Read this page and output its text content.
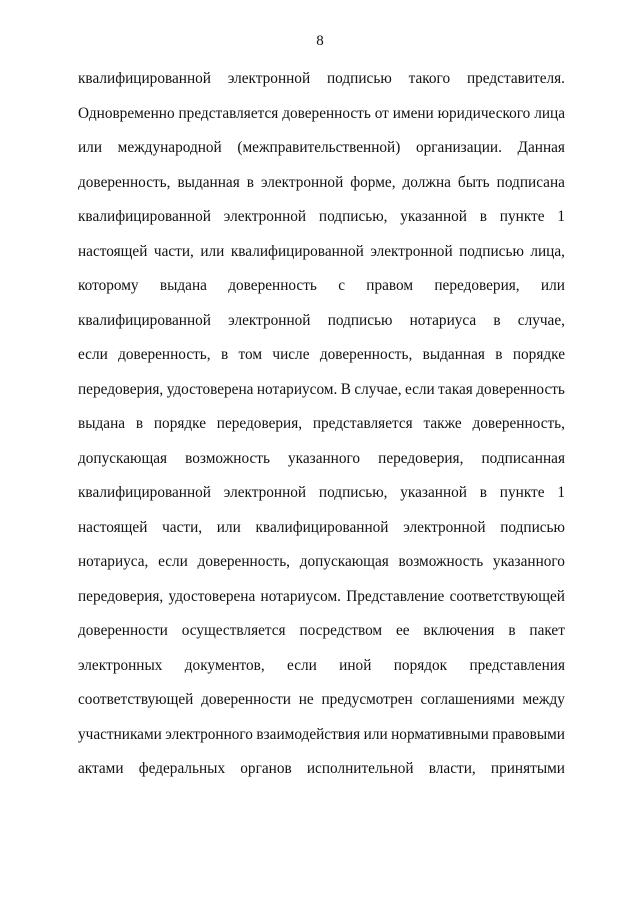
8
квалифицированной электронной подписью такого представителя.
Одновременно представляется доверенность от имени юридического лица
или международной (межправительственной) организации. Данная
доверенность, выданная в электронной форме, должна быть подписана
квалифицированной электронной подписью, указанной в пункте 1
настоящей части, или квалифицированной электронной подписью лица,
которому выдана доверенность с правом передоверия, или
квалифицированной электронной подписью нотариуса в случае,
если доверенность, в том числе доверенность, выданная в порядке
передоверия, удостоверена нотариусом. В случае, если такая доверенность
выдана в порядке передоверия, представляется также доверенность,
допускающая возможность указанного передоверия, подписанная
квалифицированной электронной подписью, указанной в пункте 1
настоящей части, или квалифицированной электронной подписью
нотариуса, если доверенность, допускающая возможность указанного
передоверия, удостоверена нотариусом. Представление соответствующей
доверенности осуществляется посредством ее включения в пакет
электронных документов, если иной порядок представления
соответствующей доверенности не предусмотрен соглашениями между
участниками электронного взаимодействия или нормативными правовыми
актами федеральных органов исполнительной власти, принятыми
